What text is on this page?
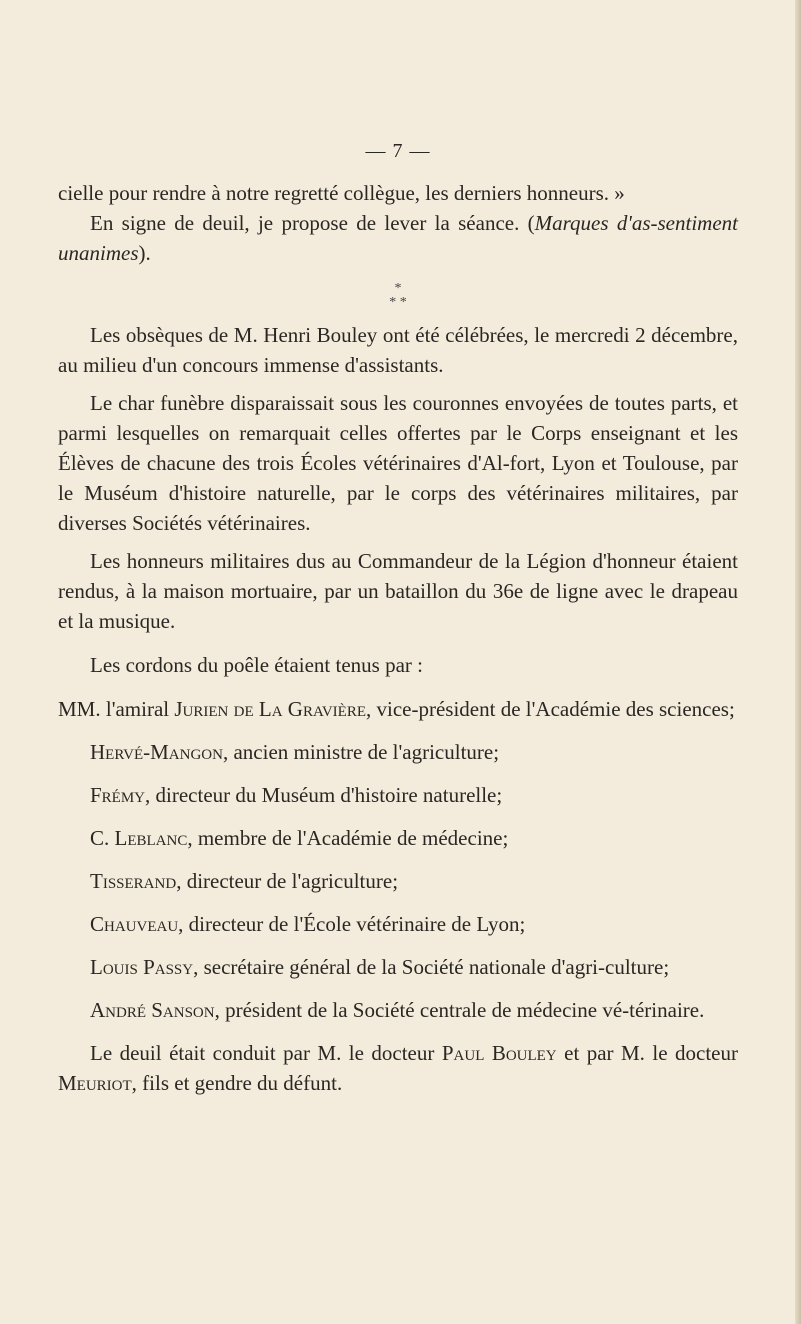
— 7 —

cielle pour rendre à notre regretté collègue, les derniers honneurs. »
En signe de deuil, je propose de lever la séance. (Marques d'as-sentiment unanimes).

*
* *

Les obsèques de M. Henri Bouley ont été célébrées, le mercredi 2 décembre, au milieu d'un concours immense d'assistants.

Le char funèbre disparaissait sous les couronnes envoyées de toutes parts, et parmi lesquelles on remarquait celles offertes par le Corps enseignant et les Élèves de chacune des trois Écoles vétérinaires d'Al-fort, Lyon et Toulouse, par le Muséum d'histoire naturelle, par le corps des vétérinaires militaires, par diverses Sociétés vétérinaires.

Les honneurs militaires dus au Commandeur de la Légion d'honneur étaient rendus, à la maison mortuaire, par un bataillon du 36e de ligne avec le drapeau et la musique.

Les cordons du poêle étaient tenus par :

MM. l'amiral Jurien de La Gravière, vice-président de l'Académie des sciences;

Hervé-Mangon, ancien ministre de l'agriculture;

Frémy, directeur du Muséum d'histoire naturelle;

C. Leblanc, membre de l'Académie de médecine;

Tisserand, directeur de l'agriculture;

Chauveau, directeur de l'École vétérinaire de Lyon;

Louis Passy, secrétaire général de la Société nationale d'agri-culture;

André Sanson, président de la Société centrale de médecine vé-térinaire.

Le deuil était conduit par M. le docteur Paul Bouley et par M. le docteur Meuriot, fils et gendre du défunt.
